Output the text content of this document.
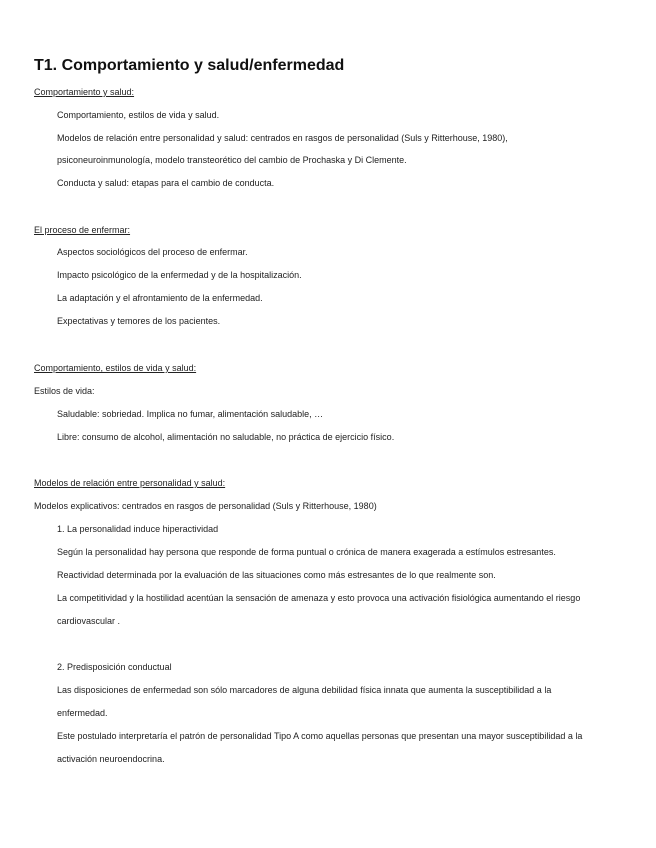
T1. Comportamiento y salud/enfermedad
Comportamiento y salud:
Comportamiento, estilos de vida y salud.
Modelos de relación entre personalidad y salud: centrados en rasgos de personalidad (Suls y Ritterhouse, 1980),
psiconeuroinmunología, modelo transteorético del cambio de Prochaska y Di Clemente.
Conducta y salud: etapas para el cambio de conducta.
El proceso de enfermar:
Aspectos sociológicos del proceso de enfermar.
Impacto psicológico de la enfermedad y de la hospitalización.
La adaptación y el afrontamiento de la enfermedad.
Expectativas y temores de los pacientes.
Comportamiento, estilos de vida y salud:
Estilos de vida:
Saludable: sobriedad. Implica no fumar, alimentación saludable, …
Libre: consumo de alcohol, alimentación no saludable, no práctica de ejercicio físico.
Modelos de relación entre personalidad y salud:
Modelos explicativos: centrados en rasgos de personalidad (Suls y Ritterhouse, 1980)
1. La personalidad induce hiperactividad
Según la personalidad hay persona que responde de forma puntual o crónica de manera exagerada a estímulos estresantes.
Reactividad determinada por la evaluación de las situaciones como más estresantes de lo que realmente son.
La competitividad y la hostilidad acentúan la sensación de amenaza y esto provoca una activación fisiológica aumentando el riesgo
cardiovascular .
2. Predisposición conductual
Las disposiciones de enfermedad son sólo marcadores de alguna debilidad física innata que aumenta la susceptibilidad a la
enfermedad.
Este postulado interpretaría el patrón de personalidad Tipo A como aquellas personas que presentan una mayor susceptibilidad a la
activación neuroendocrina.
